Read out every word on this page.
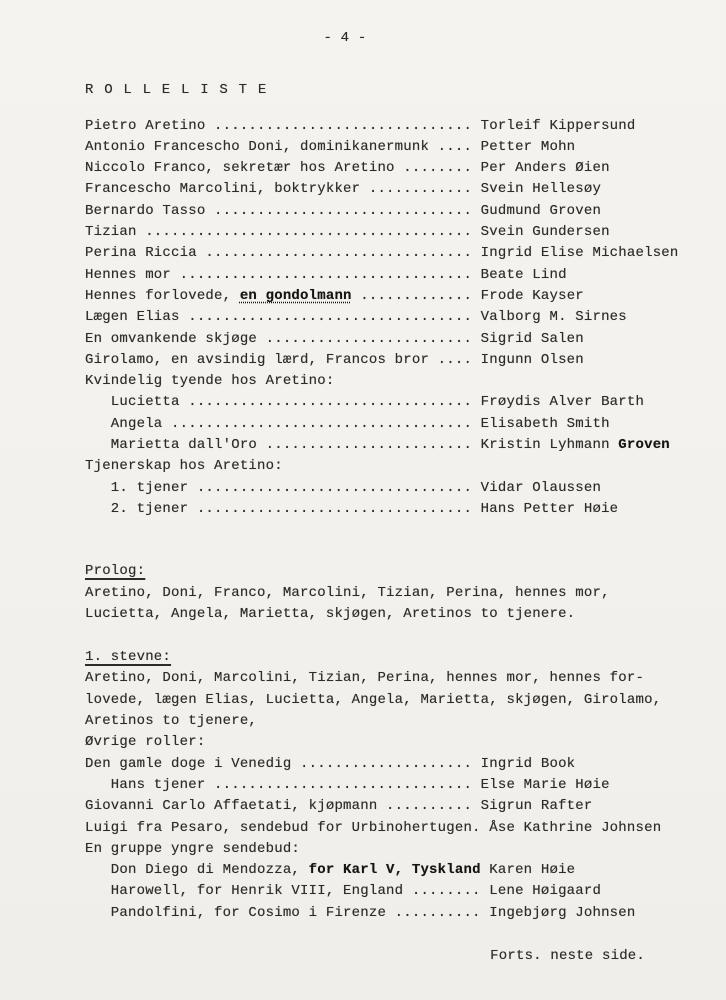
- 4 -
R O L L E L I S T E
Pietro Aretino .............................. Torleif Kippersund
Antonio Francescho Doni, dominikanermunk .... Petter Mohn
Niccolo Franco, sekretær hos Aretino ........ Per Anders Øien
Francescho Marcolini, boktrykker ............ Svein Hellesøy
Bernardo Tasso .............................. Gudmund Groven
Tizian ...................................... Svein Gundersen
Perina Riccia ............................... Ingrid Elise Michaelsen
Hennes mor .................................. Beate Lind
Hennes forlovede, en gondolmann ............. Frode Kayser
Lægen Elias ................................. Valborg M. Sirnes
En omvankende skjøge ........................ Sigrid Salen
Girolamo, en avsindig lærd, Francos bror .... Ingunn Olsen
Kvindelig tyende hos Aretino:
Lucietta ................................. Frøydis Alver Barth
Angela ................................... Elisabeth Smith
Marietta dall'Oro ........................ Kristin Lyhmann Groven
Tjenerskap hos Aretino:
1. tjener ................................ Vidar Olaussen
2. tjener ................................ Hans Petter Høie
Prolog:
Aretino, Doni, Franco, Marcolini, Tizian, Perina, hennes mor,
Lucietta, Angela, Marietta, skjøgen, Aretinos to tjenere.
1. stevne:
Aretino, Doni, Marcolini, Tizian, Perina, hennes mor, hennes for-
lovede, lægen Elias, Lucietta, Angela, Marietta, skjøgen, Girolamo,
Aretinos to tjenere,
Øvrige roller:
Den gamle doge i Venedig .................... Ingrid Book
Hans tjener .............................. Else Marie Høie
Giovanni Carlo Affaetati, kjøpmann .......... Sigrun Rafter
Luigi fra Pesaro, sendebud for Urbinohertugen. Åse Kathrine Johnsen
En gruppe yngre sendebud:
Don Diego di Mendozza, for Karl V, Tyskland Karen Høie
Harowell, for Henrik VIII, England ........ Lene Høigaard
Pandolfini, for Cosimo i Firenze .......... Ingebjørg Johnsen
Forts. neste side.
